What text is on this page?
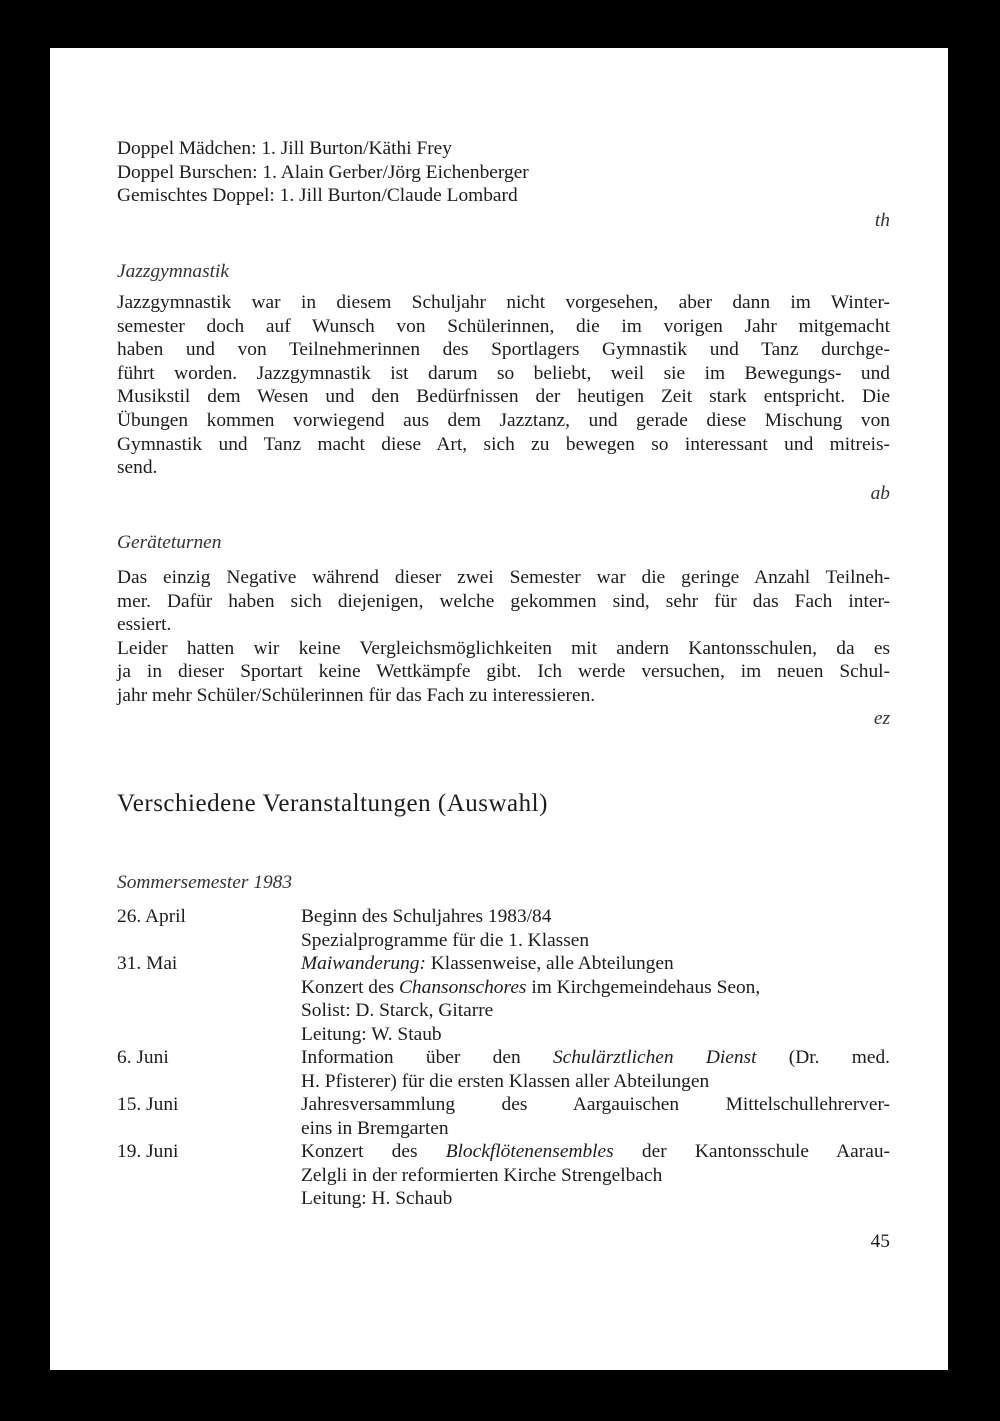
Doppel Mädchen: 1. Jill Burton/Käthi Frey
Doppel Burschen: 1. Alain Gerber/Jörg Eichenberger
Gemischtes Doppel: 1. Jill Burton/Claude Lombard
th
Jazzgymnastik
Jazzgymnastik war in diesem Schuljahr nicht vorgesehen, aber dann im Winter-
semester doch auf Wunsch von Schülerinnen, die im vorigen Jahr mitgemacht
haben und von Teilnehmerinnen des Sportlagers Gymnastik und Tanz durchge-
führt worden. Jazzgymnastik ist darum so beliebt, weil sie im Bewegungs- und
Musikstil dem Wesen und den Bedürfnissen der heutigen Zeit stark entspricht. Die
Übungen kommen vorwiegend aus dem Jazztanz, und gerade diese Mischung von
Gymnastik und Tanz macht diese Art, sich zu bewegen so interessant und mitreis-
send.
ab
Geräteturnen
Das einzig Negative während dieser zwei Semester war die geringe Anzahl Teilneh-
mer. Dafür haben sich diejenigen, welche gekommen sind, sehr für das Fach inter-
essiert.
Leider hatten wir keine Vergleichsmöglichkeiten mit andern Kantonsschulen, da es
ja in dieser Sportart keine Wettkämpfe gibt. Ich werde versuchen, im neuen Schul-
jahr mehr Schüler/Schülerinnen für das Fach zu interessieren.
ez
Verschiedene Veranstaltungen (Auswahl)
Sommersemester 1983
26. April	Beginn des Schuljahres 1983/84
Spezialprogramme für die 1. Klassen
31. Mai	Maiwanderung: Klassenweise, alle Abteilungen
Konzert des Chansonschores im Kirchgemeindehaus Seon,
Solist: D. Starck, Gitarre
Leitung: W. Staub
6. Juni	Information über den Schulärztlichen Dienst (Dr. med.
H. Pfisterer) für die ersten Klassen aller Abteilungen
15. Juni	Jahresversammlung des Aargauischen Mittelschullehrerver-
eins in Bremgarten
19. Juni	Konzert des Blockflötenensembles der Kantonsschule Aarau-
Zelgli in der reformierten Kirche Strengelbach
Leitung: H. Schaub
45
